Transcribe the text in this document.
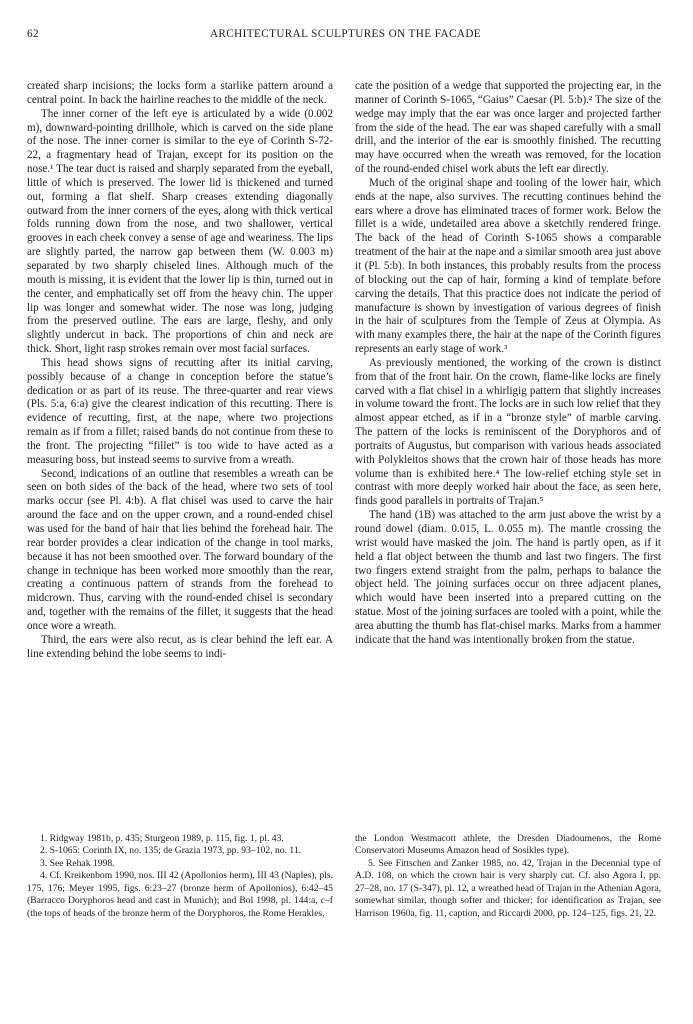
62	ARCHITECTURAL SCULPTURES ON THE FACADE

created sharp incisions; the locks form a starlike pattern around a central point. In back the hairline reaches to the middle of the neck.

The inner corner of the left eye is articulated by a wide (0.002 m), downward-pointing drillhole, which is carved on the side plane of the nose. The inner corner is similar to the eye of Corinth S-72-22, a fragmentary head of Trajan, except for its position on the nose.¹ The tear duct is raised and sharply separated from the eyeball, little of which is preserved. The lower lid is thickened and turned out, forming a flat shelf. Sharp creases extending diagonally outward from the inner corners of the eyes, along with thick vertical folds running down from the nose, and two shallower, vertical grooves in each cheek convey a sense of age and weariness. The lips are slightly parted, the narrow gap between them (W. 0.003 m) separated by two sharply chiseled lines. Although much of the mouth is missing, it is evident that the lower lip is thin, turned out in the center, and emphatically set off from the heavy chin. The upper lip was longer and somewhat wider. The nose was long, judging from the preserved outline. The ears are large, fleshy, and only slightly undercut in back. The proportions of chin and neck are thick. Short, light rasp strokes remain over most facial surfaces.

This head shows signs of recutting after its initial carving, possibly because of a change in conception before the statue’s dedication or as part of its reuse. The three-quarter and rear views (Pls. 5:a, 6:a) give the clearest indication of this recutting. There is evidence of recutting, first, at the nape, where two projections remain as if from a fillet; raised bands do not continue from these to the front. The projecting “fillet” is too wide to have acted as a measuring boss, but instead seems to survive from a wreath.

Second, indications of an outline that resembles a wreath can be seen on both sides of the back of the head, where two sets of tool marks occur (see Pl. 4:b). A flat chisel was used to carve the hair around the face and on the upper crown, and a round-ended chisel was used for the band of hair that lies behind the forehead hair. The rear border provides a clear indication of the change in tool marks, because it has not been smoothed over. The forward boundary of the change in technique has been worked more smoothly than the rear, creating a continuous pattern of strands from the forehead to midcrown. Thus, carving with the round-ended chisel is secondary and, together with the remains of the fillet, it suggests that the head once wore a wreath.

Third, the ears were also recut, as is clear behind the left ear. A line extending behind the lobe seems to indi-

cate the position of a wedge that supported the projecting ear, in the manner of Corinth S-1065, “Gaius” Caesar (Pl. 5:b).² The size of the wedge may imply that the ear was once larger and projected farther from the side of the head. The ear was shaped carefully with a small drill, and the interior of the ear is smoothly finished. The recutting may have occurred when the wreath was removed, for the location of the round-ended chisel work abuts the left ear directly.

Much of the original shape and tooling of the lower hair, which ends at the nape, also survives. The recutting continues behind the ears where a drove has eliminated traces of former work. Below the fillet is a wide, undetailed area above a sketchily rendered fringe. The back of the head of Corinth S-1065 shows a comparable treatment of the hair at the nape and a similar smooth area just above it (Pl. 5:b). In both instances, this probably results from the process of blocking out the cap of hair, forming a kind of template before carving the details. That this practice does not indicate the period of manufacture is shown by investigation of various degrees of finish in the hair of sculptures from the Temple of Zeus at Olympia. As with many examples there, the hair at the nape of the Corinth figures represents an early stage of work.³

As previously mentioned, the working of the crown is distinct from that of the front hair. On the crown, flame-like locks are finely carved with a flat chisel in a whirligig pattern that slightly increases in volume toward the front. The locks are in such low relief that they almost appear etched, as if in a “bronze style” of marble carving. The pattern of the locks is reminiscent of the Doryphoros and of portraits of Augustus, but comparison with various heads associated with Polykleitos shows that the crown hair of those heads has more volume than is exhibited here.⁴ The low-relief etching style set in contrast with more deeply worked hair about the face, as seen here, finds good parallels in portraits of Trajan.⁵

The hand (1B) was attached to the arm just above the wrist by a round dowel (diam. 0.015, L. 0.055 m). The mantle crossing the wrist would have masked the join. The hand is partly open, as if it held a flat object between the thumb and last two fingers. The first two fingers extend straight from the palm, perhaps to balance the object held. The joining surfaces occur on three adjacent planes, which would have been inserted into a prepared cutting on the statue. Most of the joining surfaces are tooled with a point, while the area abutting the thumb has flat-chisel marks. Marks from a hammer indicate that the hand was intentionally broken from the statue.

1. Ridgway 1981b, p. 435; Sturgeon 1989, p. 115, fig. 1, pl. 43.

2. S-1065: Corinth IX, no. 135; de Grazia 1973, pp. 93–102, no. 11.

3. See Rehak 1998.

4. Cf. Kreikenbom 1990, nos. III 42 (Apollonios herm), III 43 (Naples), pls. 175, 176; Meyer 1995, figs. 6:23–27 (bronze herm of Apollonios), 6:42–45 (Barracco Doryphoros head and cast in Munich); and Bol 1998, pl. 144:a, c–f (the tops of heads of the bronze herm of the Doryphoros, the Rome Herakles,

the London Westmacott athlete, the Dresden Diadoumenos, the Rome Conservatori Museums Amazon head of Sosikles type).

5. See Fittschen and Zanker 1985, no. 42, Trajan in the Decennial type of A.D. 108, on which the crown hair is very sharply cut. Cf. also Agora I, pp. 27–28, no. 17 (S-347), pl. 12, a wreathed head of Trajan in the Athenian Agora, somewhat similar, though softer and thicker; for identification as Trajan, see Harrison 1960a, fig. 11, caption, and Riccardi 2000, pp. 124–125, figs. 21, 22.
